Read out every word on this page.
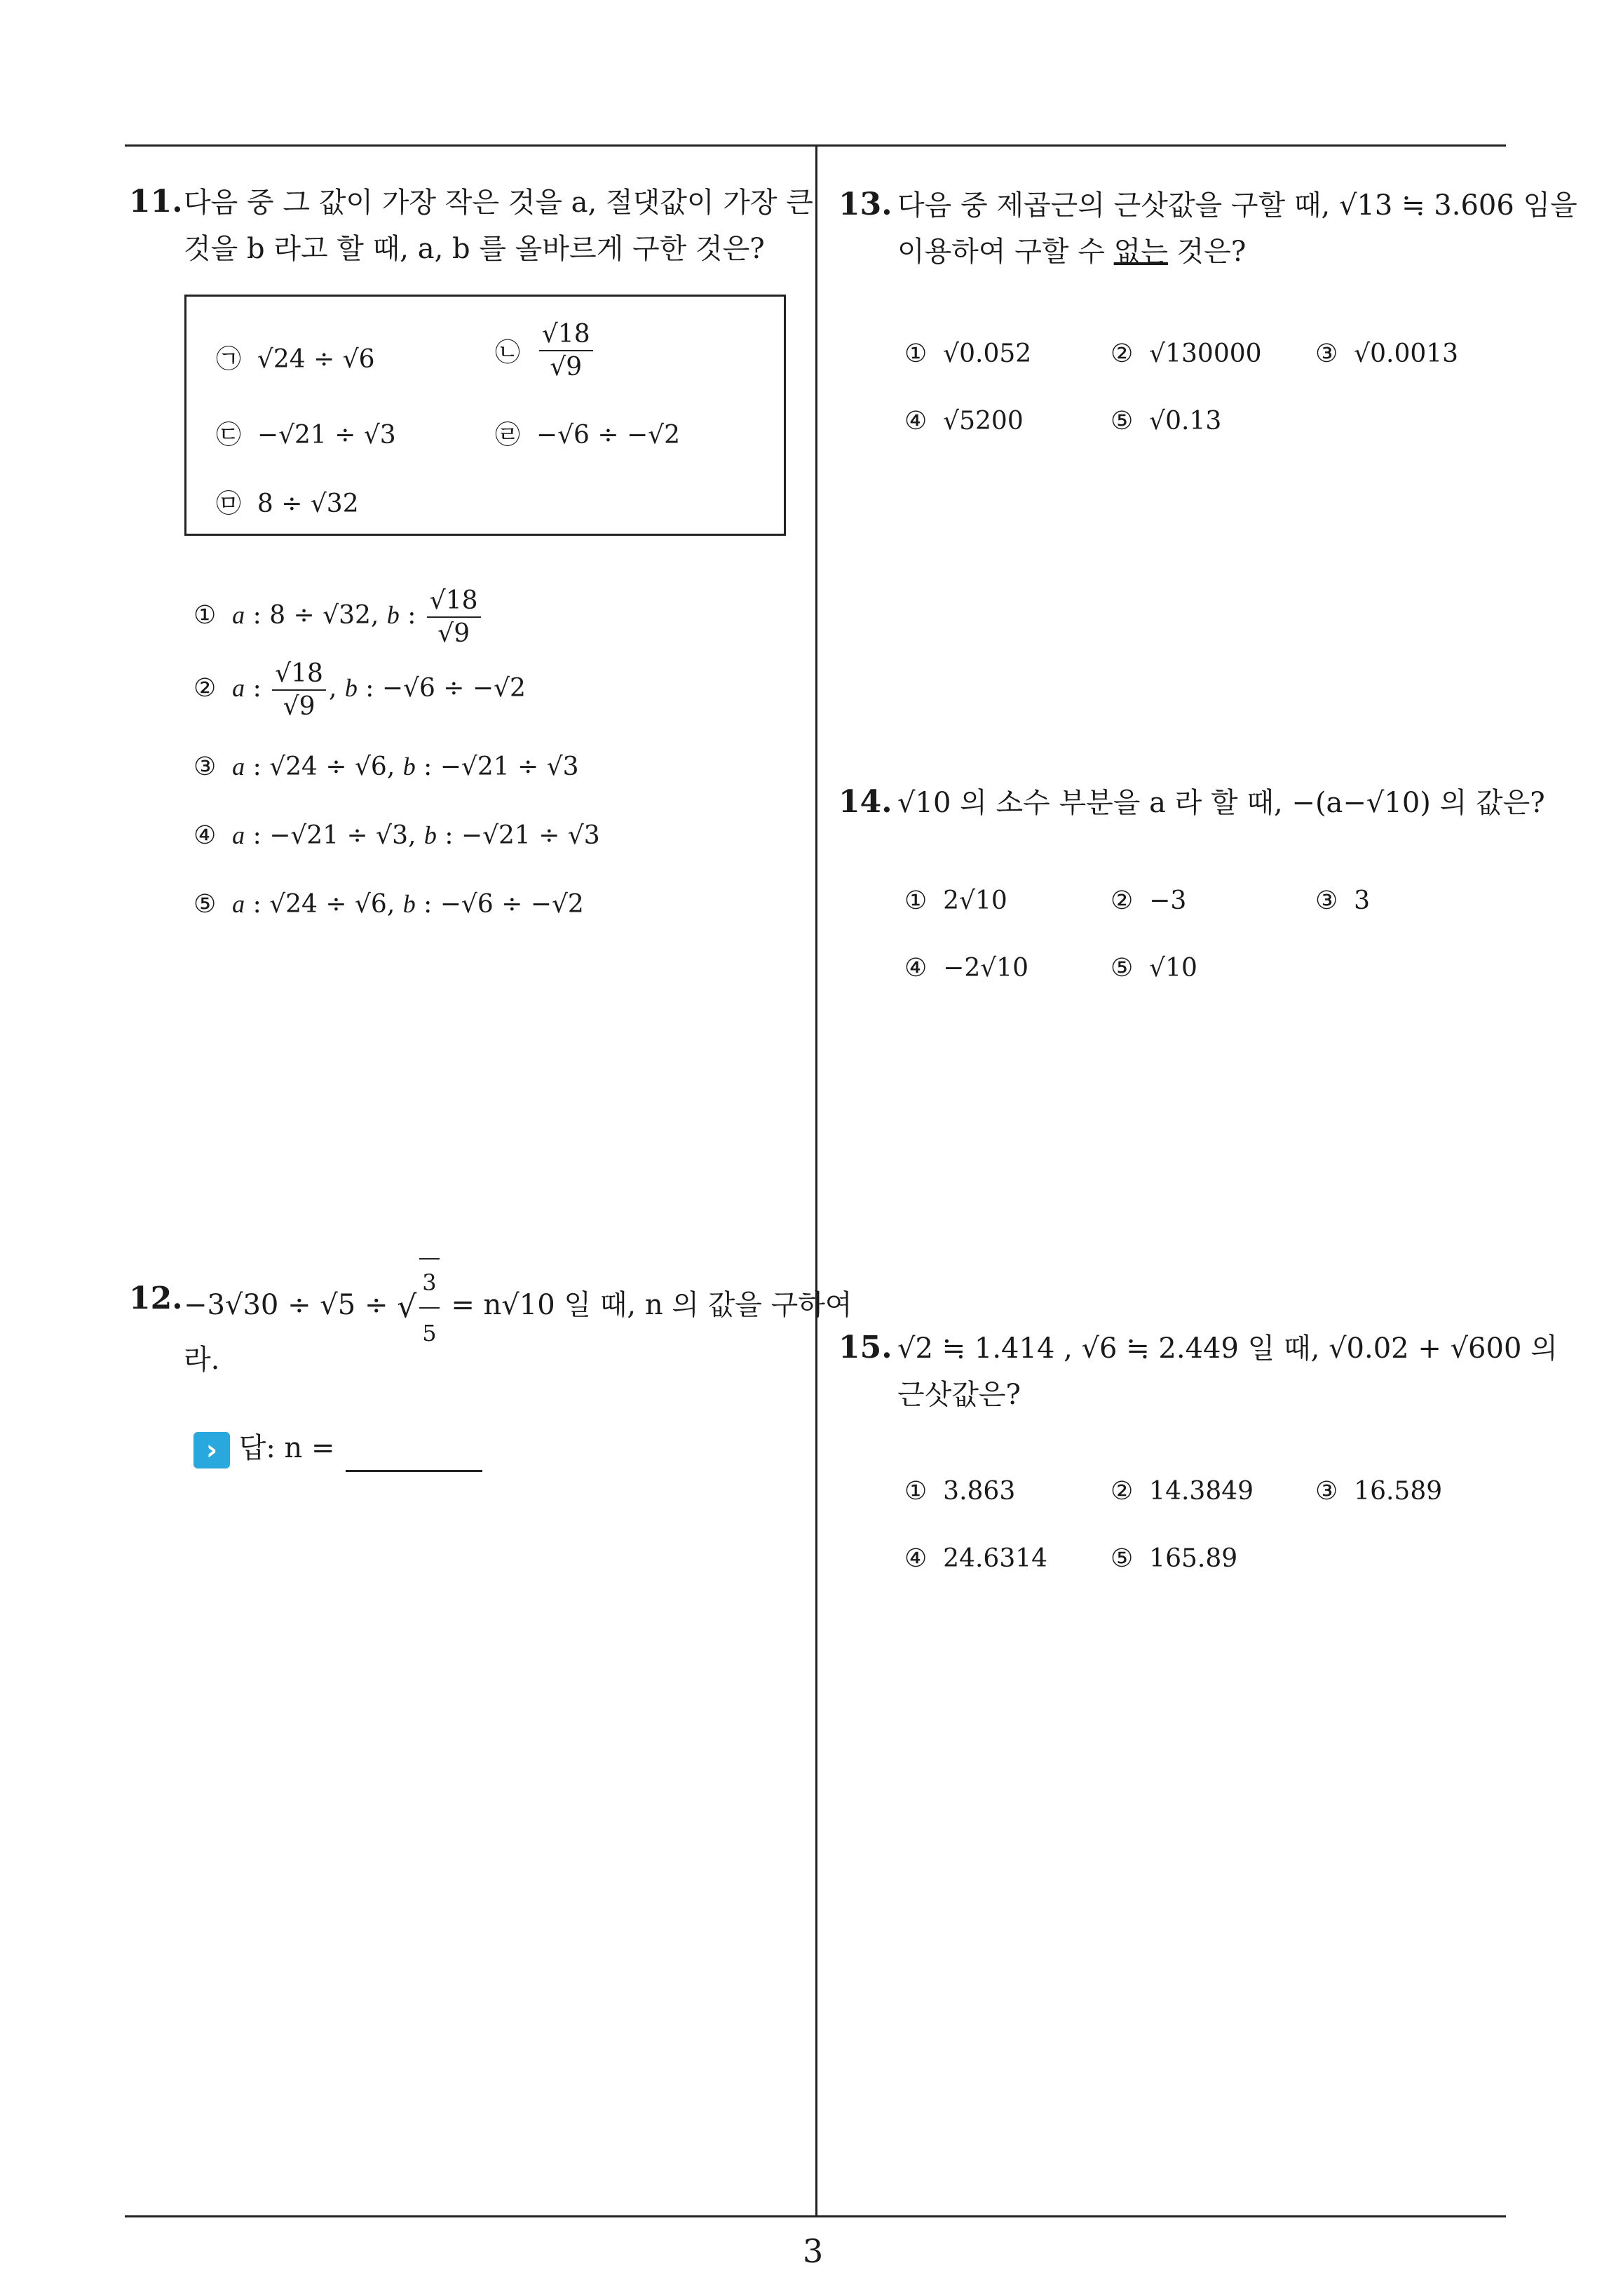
11. 다음 중 그 값이 가장 작은 것을 a, 절댓값이 가장 큰
것을 b 라고 할 때, a, b 를 올바르게 구한 것은?
㉠ √24 ÷ √6	㉡ $\frac{√18}{√9}$
㉢ −√21 ÷ √3	㉣ −√6 ÷ −√2
㉤ 8 ÷ √32
① a : 8 ÷ √32, b : $\frac{√18}{√9}$
② a : $\frac{√18}{√9}$ , b : −√6 ÷ −√2
③ a : √24 ÷ √6, b : −√21 ÷ √3
④ a : −√21 ÷ √3, b : −√21 ÷ √3
⑤ a : √24 ÷ √6, b : −√6 ÷ −√2
12. −3√30 ÷ √5 ÷ √ $\frac{3}{5} = n√10$ 일 때, n 의 값을 구하여
라.
› 답: n =
13. 다음 중 제곱근의 근삿값을 구할 때, √13 ≒ 3.606 임을
이용하여 구할 수 없는 것은?
① √0.052	② √130000 ③ √0.0013
④ √5200	⑤ √0.13
14. √10 의 소수 부분을 a 라 할 때, −(a−√10) 의 값은?
① 2√10	② −3	③ 3
④ −2√10	⑤ √10
15. √2 ≒ 1.414 , √6 ≒ 2.449 일 때, √0.02 + √600 의
근삿값은?
① 3.863	② 14.3849 ③ 16.589
④ 24.6314 ⑤ 165.89
3
